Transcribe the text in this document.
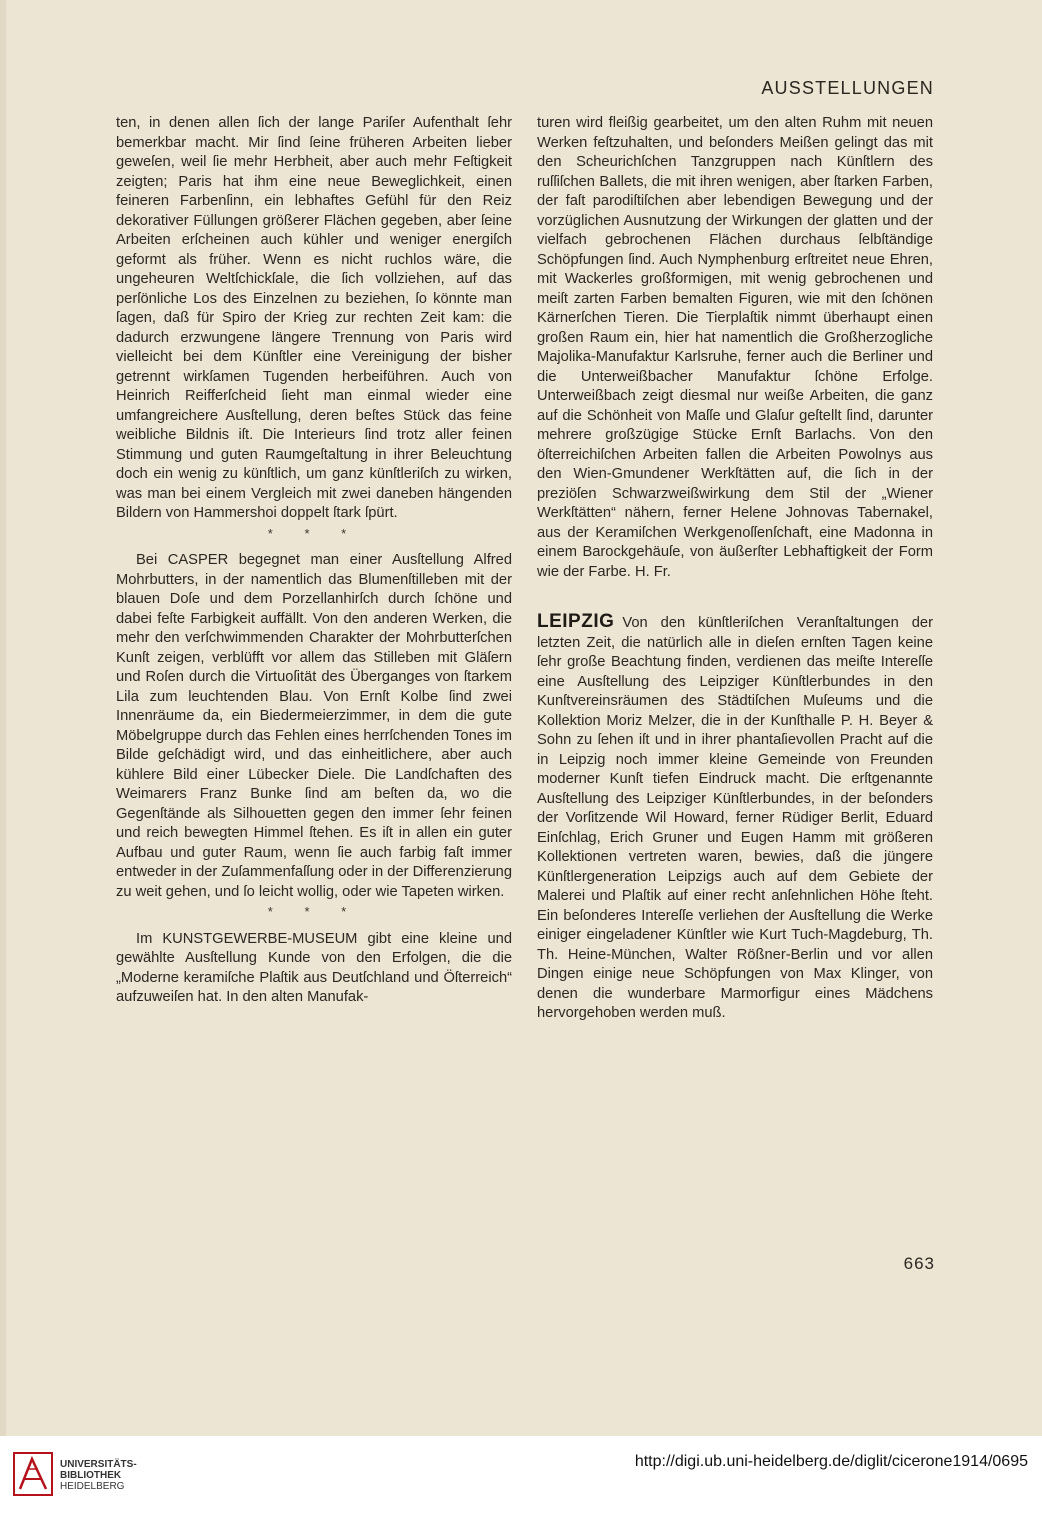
AUSSTELLUNGEN

ten, in denen allen ſich der lange Pariſer Aufenthalt ſehr bemerkbar macht. Mir ſind ſeine früheren Arbeiten lieber geweſen, weil ſie mehr Herbheit, aber auch mehr Feſtigkeit zeigten; Paris hat ihm eine neue Beweglichkeit, einen feineren Farbenſinn, ein lebhaftes Gefühl für den Reiz dekorativer Füllungen größerer Flächen gegeben, aber ſeine Arbeiten erſcheinen auch kühler und weniger energiſch geformt als früher. Wenn es nicht ruchlos wäre, die ungeheuren Weltſchickſale, die ſich vollziehen, auf das perſönliche Los des Einzelnen zu beziehen, ſo könnte man ſagen, daß für Spiro der Krieg zur rechten Zeit kam: die dadurch erzwungene längere Trennung von Paris wird vielleicht bei dem Künſtler eine Vereinigung der bisher getrennt wirkſamen Tugenden herbeiführen. Auch von Heinrich Reifferſcheid ſieht man einmal wieder eine umfangreichere Ausſtellung, deren beſtes Stück das feine weibliche Bildnis iſt. Die Interieurs ſind trotz aller feinen Stimmung und guten Raumgeſtaltung in ihrer Beleuchtung doch ein wenig zu künſtlich, um ganz künſtleriſch zu wirken, was man bei einem Vergleich mit zwei daneben hängenden Bildern von Hammershoi doppelt ſtark ſpürt.

* * *

Bei CASPER begegnet man einer Ausſtellung Alfred Mohrbutters, in der namentlich das Blumenſtilleben mit der blauen Doſe und dem Porzellanhirſch durch ſchöne und dabei feſte Farbigkeit auffällt. Von den anderen Werken, die mehr den verſchwimmenden Charakter der Mohrbutterſchen Kunſt zeigen, verblüfft vor allem das Stilleben mit Gläſern und Roſen durch die Virtuoſität des Überganges von ſtarkem Lila zum leuchtenden Blau. Von Ernſt Kolbe ſind zwei Innenräume da, ein Biedermeierzimmer, in dem die gute Möbelgruppe durch das Fehlen eines herrſchenden Tones im Bilde geſchädigt wird, und das einheitlichere, aber auch kühlere Bild einer Lübecker Diele. Die Landſchaften des Weimarers Franz Bunke ſind am beſten da, wo die Gegenſtände als Silhouetten gegen den immer ſehr feinen und reich bewegten Himmel ſtehen. Es iſt in allen ein guter Aufbau und guter Raum, wenn ſie auch farbig faſt immer entweder in der Zuſammenfaſſung oder in der Differenzierung zu weit gehen, und ſo leicht wollig, oder wie Tapeten wirken.

* * *

Im KUNSTGEWERBE-MUSEUM gibt eine kleine und gewählte Ausſtellung Kunde von den Erfolgen, die die „Moderne keramiſche Plaſtik aus Deutſchland und Öſterreich“ aufzuweiſen hat. In den alten Manufak-

turen wird fleißig gearbeitet, um den alten Ruhm mit neuen Werken feſtzuhalten, und beſonders Meißen gelingt das mit den Scheurichſchen Tanzgruppen nach Künſtlern des ruſſiſchen Ballets, die mit ihren wenigen, aber ſtarken Farben, der faſt parodiſtiſchen aber lebendigen Bewegung und der vorzüglichen Ausnutzung der Wirkungen der glatten und der vielfach gebrochenen Flächen durchaus ſelbſtändige Schöpfungen ſind. Auch Nymphenburg erſtreitet neue Ehren, mit Wackerles großformigen, mit wenig gebrochenen und meiſt zarten Farben bemalten Figuren, wie mit den ſchönen Kärnerſchen Tieren. Die Tierplaſtik nimmt überhaupt einen großen Raum ein, hier hat namentlich die Großherzogliche Majolika-Manufaktur Karlsruhe, ferner auch die Berliner und die Unterweißbacher Manufaktur ſchöne Erfolge. Unterweißbach zeigt diesmal nur weiße Arbeiten, die ganz auf die Schönheit von Maſſe und Glaſur geſtellt ſind, darunter mehrere großzügige Stücke Ernſt Barlachs. Von den öſterreichiſchen Arbeiten fallen die Arbeiten Powolnys aus den Wien-Gmundener Werkſtätten auf, die ſich in der preziöſen Schwarzweißwirkung dem Stil der „Wiener Werkſtätten“ nähern, ferner Helene Johnovas Tabernakel, aus der Keramiſchen Werkgenoſſenſchaft, eine Madonna in einem Barockgehäuſe, von äußerſter Lebhaftigkeit der Form wie der Farbe. H. Fr.

LEIPZIG Von den künſtleriſchen Veranſtaltungen der letzten Zeit, die natürlich alle in dieſen ernſten Tagen keine ſehr große Beachtung finden, verdienen das meiſte Intereſſe eine Ausſtellung des Leipziger Künſtlerbundes in den Kunſtvereinsräumen des Städtiſchen Muſeums und die Kollektion Moriz Melzer, die in der Kunſthalle P. H. Beyer & Sohn zu ſehen iſt und in ihrer phantaſievollen Pracht auf die in Leipzig noch immer kleine Gemeinde von Freunden moderner Kunſt tiefen Eindruck macht. Die erſtgenannte Ausſtellung des Leipziger Künſtlerbundes, in der beſonders der Vorſitzende Wil Howard, ferner Rüdiger Berlit, Eduard Einſchlag, Erich Gruner und Eugen Hamm mit größeren Kollektionen vertreten waren, bewies, daß die jüngere Künſtlergeneration Leipzigs auch auf dem Gebiete der Malerei und Plaſtik auf einer recht anſehnlichen Höhe ſteht. Ein beſonderes Intereſſe verliehen der Ausſtellung die Werke einiger eingeladener Künſtler wie Kurt Tuch-Magdeburg, Th. Th. Heine-München, Walter Rößner-Berlin und vor allen Dingen einige neue Schöpfungen von Max Klinger, von denen die wunderbare Marmorfigur eines Mädchens hervorgehoben werden muß.

663
UNIVERSITÄTS-
BIBLIOTHEK
HEIDELBERG
http://digi.ub.uni-heidelberg.de/diglit/cicerone1914/0695
